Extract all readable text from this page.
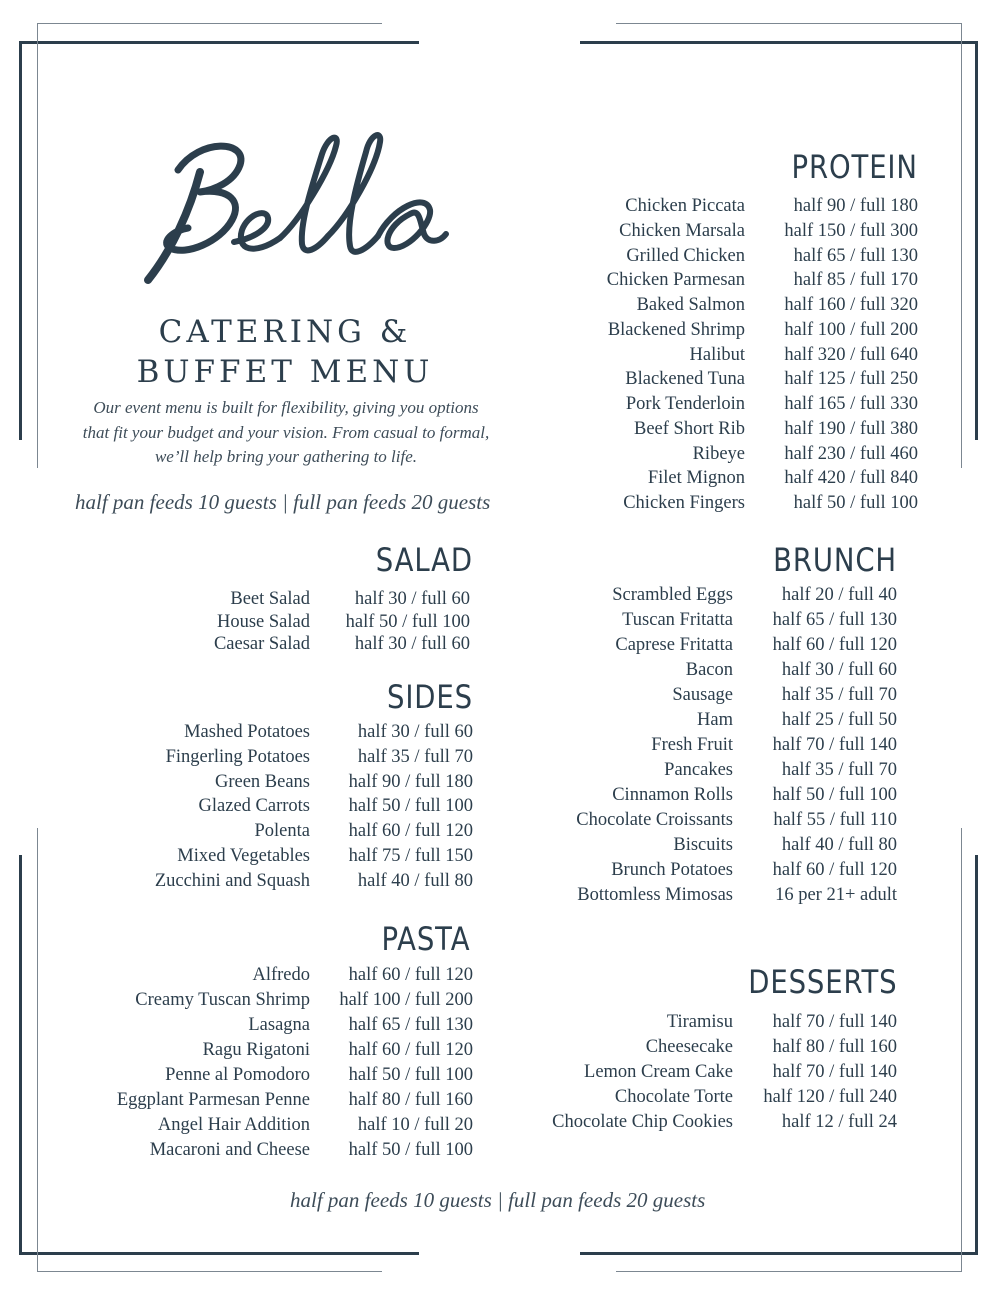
CATERING &
BUFFET MENU
Our event menu is built for flexibility, giving you options
that fit your budget and your vision. From casual to formal,
we’ll help bring your gathering to life.
half pan feeds 10 guests | full pan feeds 20 guests
half pan feeds 10 guests | full pan feeds 20 guests
PROTEIN
Chicken Piccata	half 90 / full 180
Chicken Marsala half 150 / full 300
Grilled Chicken	half 65 / full 130
Chicken Parmesan	half 85 / full 170
Baked Salmon half 160 / full 320
Blackened Shrimp half 100 / full 200
Halibut half 320 / full 640
Blackened Tuna half 125 / full 250
Pork Tenderloin half 165 / full 330
Beef Short Rib half 190 / full 380
Ribeye half 230 / full 460
Filet Mignon half 420 / full 840
Chicken Fingers	half 50 / full 100
SALAD
Beet Salad half 30 / full 60
House Salad half 50 / full 100
Caesar Salad half 30 / full 60
SIDES
Mashed Potatoes	half 30 / full 60
Fingerling Potatoes	half 35 / full 70
Green Beans half 90 / full 180
Glazed Carrots half 50 / full 100
Polenta half 60 / full 120
Mixed Vegetables half 75 / full 150
Zucchini and Squash	half 40 / full 80
PASTA
Alfredo half 60 / full 120
Creamy Tuscan Shrimp half 100 / full 200
Lasagna half 65 / full 130
Ragu Rigatoni half 60 / full 120
Penne al Pomodoro half 50 / full 100
Eggplant Parmesan Penne half 80 / full 160
Angel Hair Addition	half 10 / full 20
Macaroni and Cheese half 50 / full 100
BRUNCH
Scrambled Eggs	half 20 / full 40
Tuscan Fritatta half 65 / full 130
Caprese Fritatta half 60 / full 120
Bacon	half 30 / full 60
Sausage	half 35 / full 70
Ham	half 25 / full 50
Fresh Fruit half 70 / full 140
Pancakes	half 35 / full 70
Cinnamon Rolls half 50 / full 100
Chocolate Croissants half 55 / full 110
Biscuits	half 40 / full 80
Brunch Potatoes half 60 / full 120
Bottomless Mimosas 16 per 21+ adult
DESSERTS
Tiramisu half 70 / full 140
Cheesecake half 80 / full 160
Lemon Cream Cake half 70 / full 140
Chocolate Torte half 120 / full 240
Chocolate Chip Cookies	half 12 / full 24
